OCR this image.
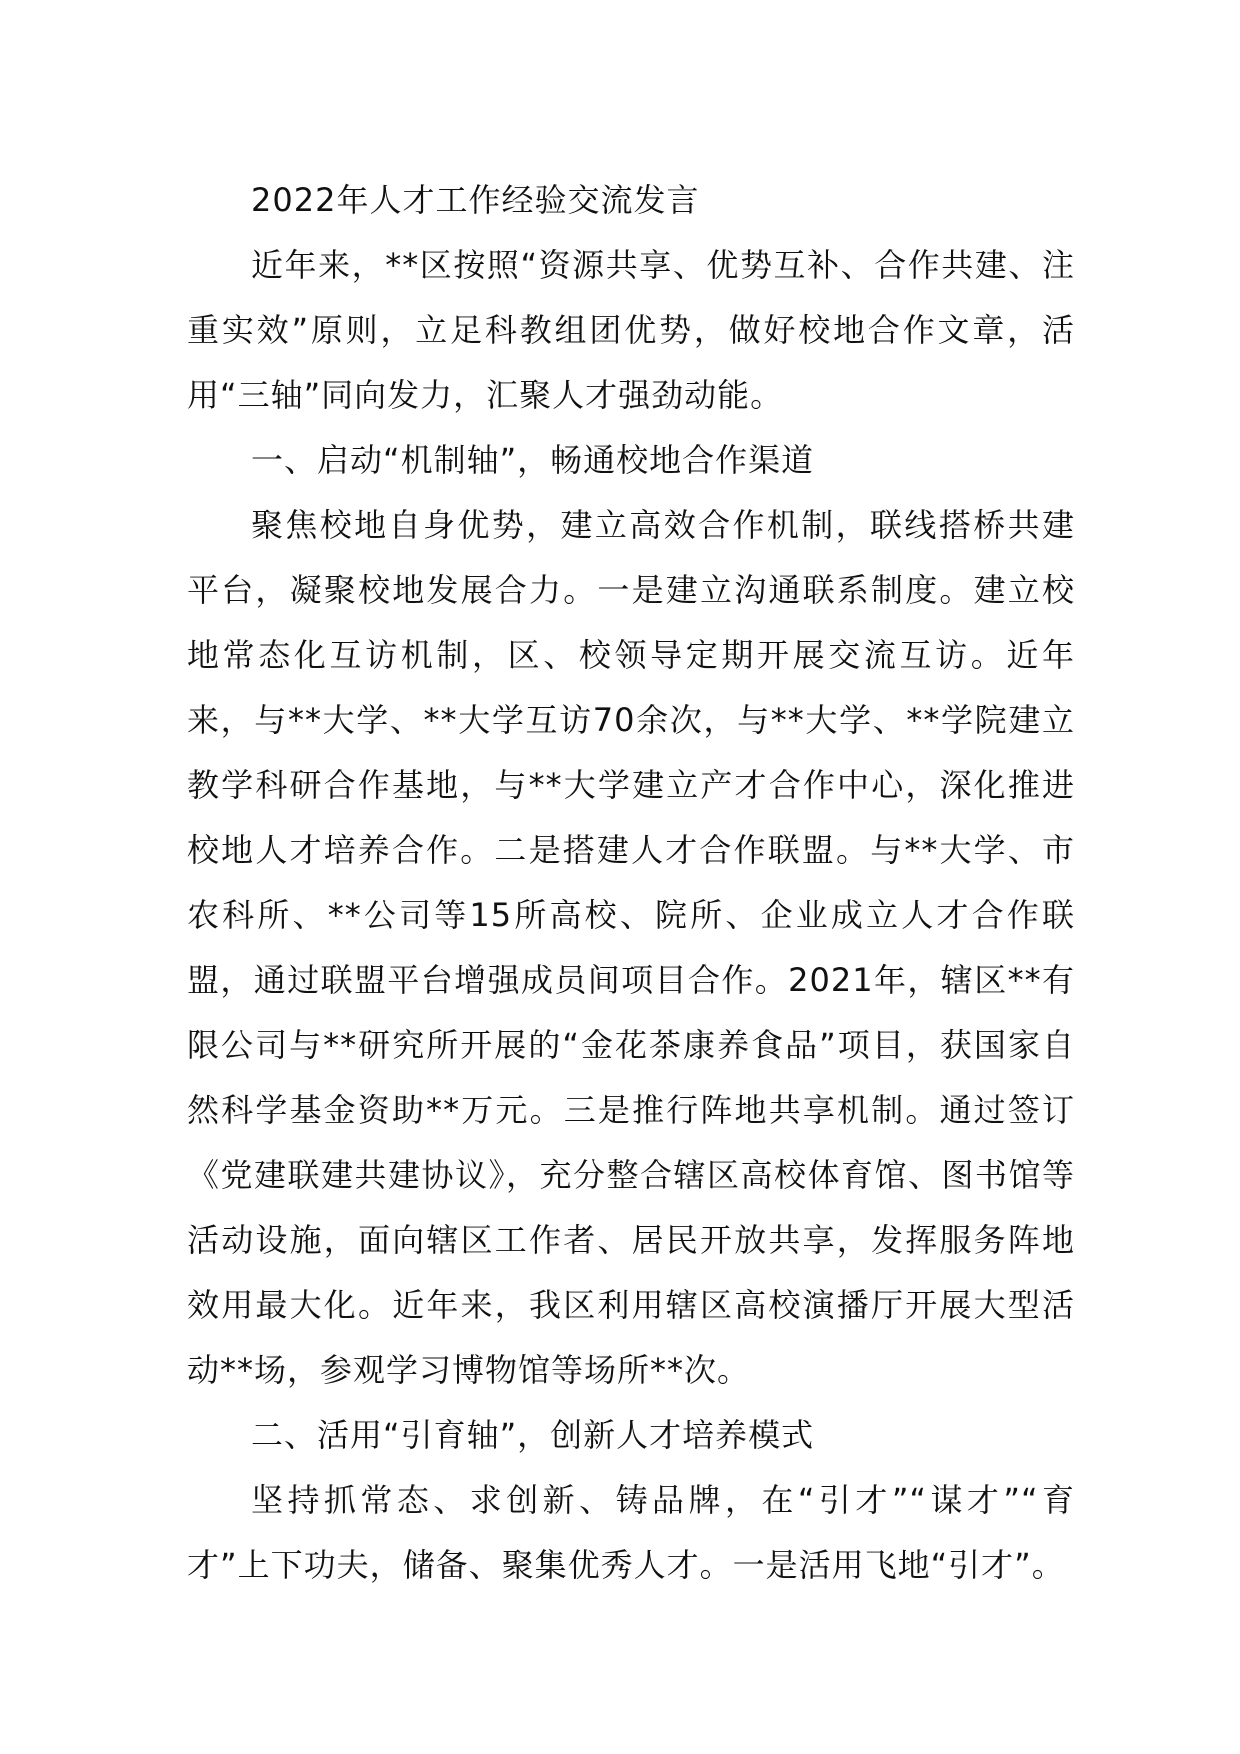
2022年人才工作经验交流发言

近年来，**区按照“资源共享、优势互补、合作共建、注重实效”原则，立足科教组团优势，做好校地合作文章，活用“三轴”同向发力，汇聚人才强劲动能。

一、启动“机制轴”，畅通校地合作渠道

聚焦校地自身优势，建立高效合作机制，联线搭桥共建平台，凝聚校地发展合力。一是建立沟通联系制度。建立校地常态化互访机制，区、校领导定期开展交流互访。近年来，与**大学、**大学互访70余次，与**大学、**学院建立教学科研合作基地，与**大学建立产才合作中心，深化推进校地人才培养合作。二是搭建人才合作联盟。与**大学、市农科所、**公司等15所高校、院所、企业成立人才合作联盟，通过联盟平台增强成员间项目合作。2021年，辖区**有限公司与**研究所开展的“金花茶康养食品”项目，获国家自然科学基金资助**万元。三是推行阵地共享机制。通过签订《党建联建共建协议》，充分整合辖区高校体育馆、图书馆等活动设施，面向辖区工作者、居民开放共享，发挥服务阵地效用最大化。近年来，我区利用辖区高校演播厅开展大型活动**场，参观学习博物馆等场所**次。

二、活用“引育轴”，创新人才培养模式

坚持抓常态、求创新、铸品牌，在“引才”“谋才”“育才”上下功夫，储备、聚集优秀人才。一是活用飞地“引才”。
